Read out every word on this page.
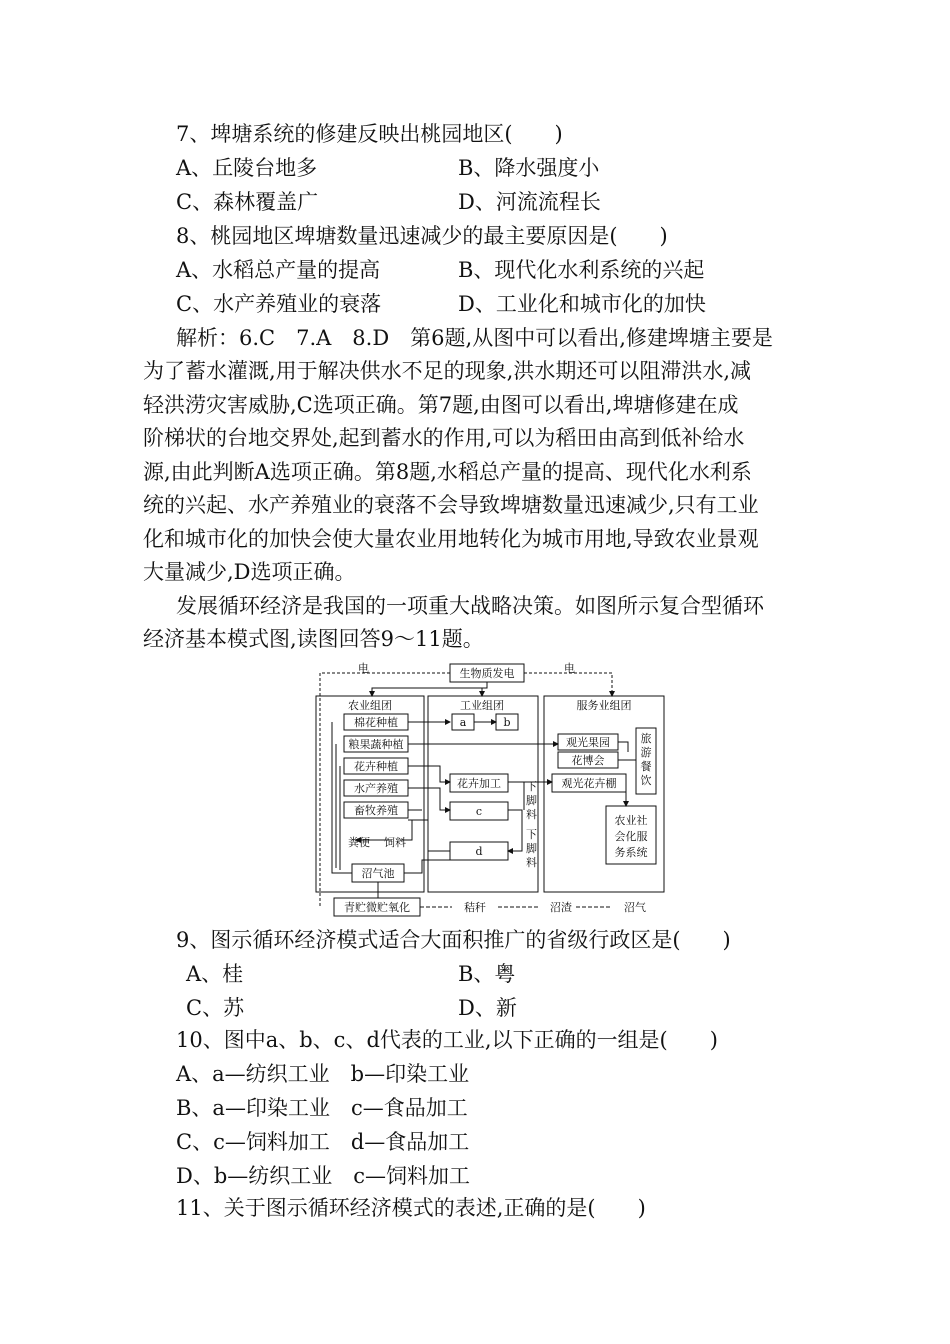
7、埤塘系统的修建反映出桃园地区(　　)
A、丘陵台地多	B、降水强度小
C、森林覆盖广	D、河流流程长
8、桃园地区埤塘数量迅速减少的最主要原因是(　　)
A、水稻总产量的提高	B、现代化水利系统的兴起
C、水产养殖业的衰落	D、工业化和城市化的加快
解析：6.C　7.A　8.D　第6题,从图中可以看出,修建埤塘主要是
为了蓄水灌溉,用于解决供水不足的现象,洪水期还可以阻滞洪水,减
轻洪涝灾害威胁,C选项正确。第7题,由图可以看出,埤塘修建在成
阶梯状的台地交界处,起到蓄水的作用,可以为稻田由高到低补给水
源,由此判断A选项正确。第8题,水稻总产量的提高、现代化水利系
统的兴起、水产养殖业的衰落不会导致埤塘数量迅速减少,只有工业
化和城市化的加快会使大量农业用地转化为城市用地,导致农业景观
大量减少,D选项正确。
发展循环经济是我国的一项重大战略决策。如图所示复合型循环
经济基本模式图,读图回答9～11题。
生物质发电
电	电
农业组团	工业组团	服务业组团
棉花种植
粮果蔬种植
花卉种植
水产养殖
畜牧养殖
a	b
花卉加工
c
d
下
脚
料
下
脚
料
粪便 饲料
沼气池
青贮微贮氧化	秸秆	沼渣	沼气
观光果园
花博会
观光花卉棚
旅
游
餐
饮
农业社
会化服
务系统
9、图示循环经济模式适合大面积推广的省级行政区是(　　)
A、桂	B、粤
C、苏	D、新
10、图中a、b、c、d代表的工业,以下正确的一组是(　　)
A、a—纺织工业　b—印染工业
B、a—印染工业　c—食品加工
C、c—饲料加工　d—食品加工
D、b—纺织工业　c—饲料加工
11、关于图示循环经济模式的表述,正确的是(　　)
